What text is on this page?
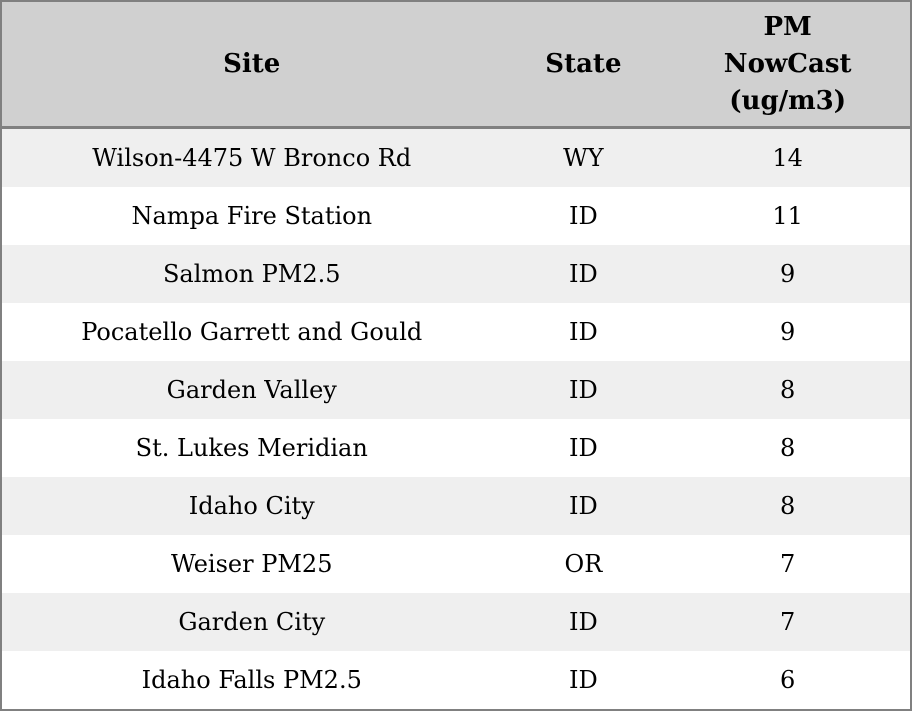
Site	State	PM
NowCast
(ug/m3)

Wilson-4475 W Bronco Rd	WY	14
Nampa Fire Station	ID	11
Salmon PM2.5	ID	9
Pocatello Garrett and Gould	ID	9
Garden Valley	ID	8
St. Lukes Meridian	ID	8
Idaho City	ID	8
Weiser PM25	OR	7
Garden City	ID	7
Idaho Falls PM2.5	ID	6
